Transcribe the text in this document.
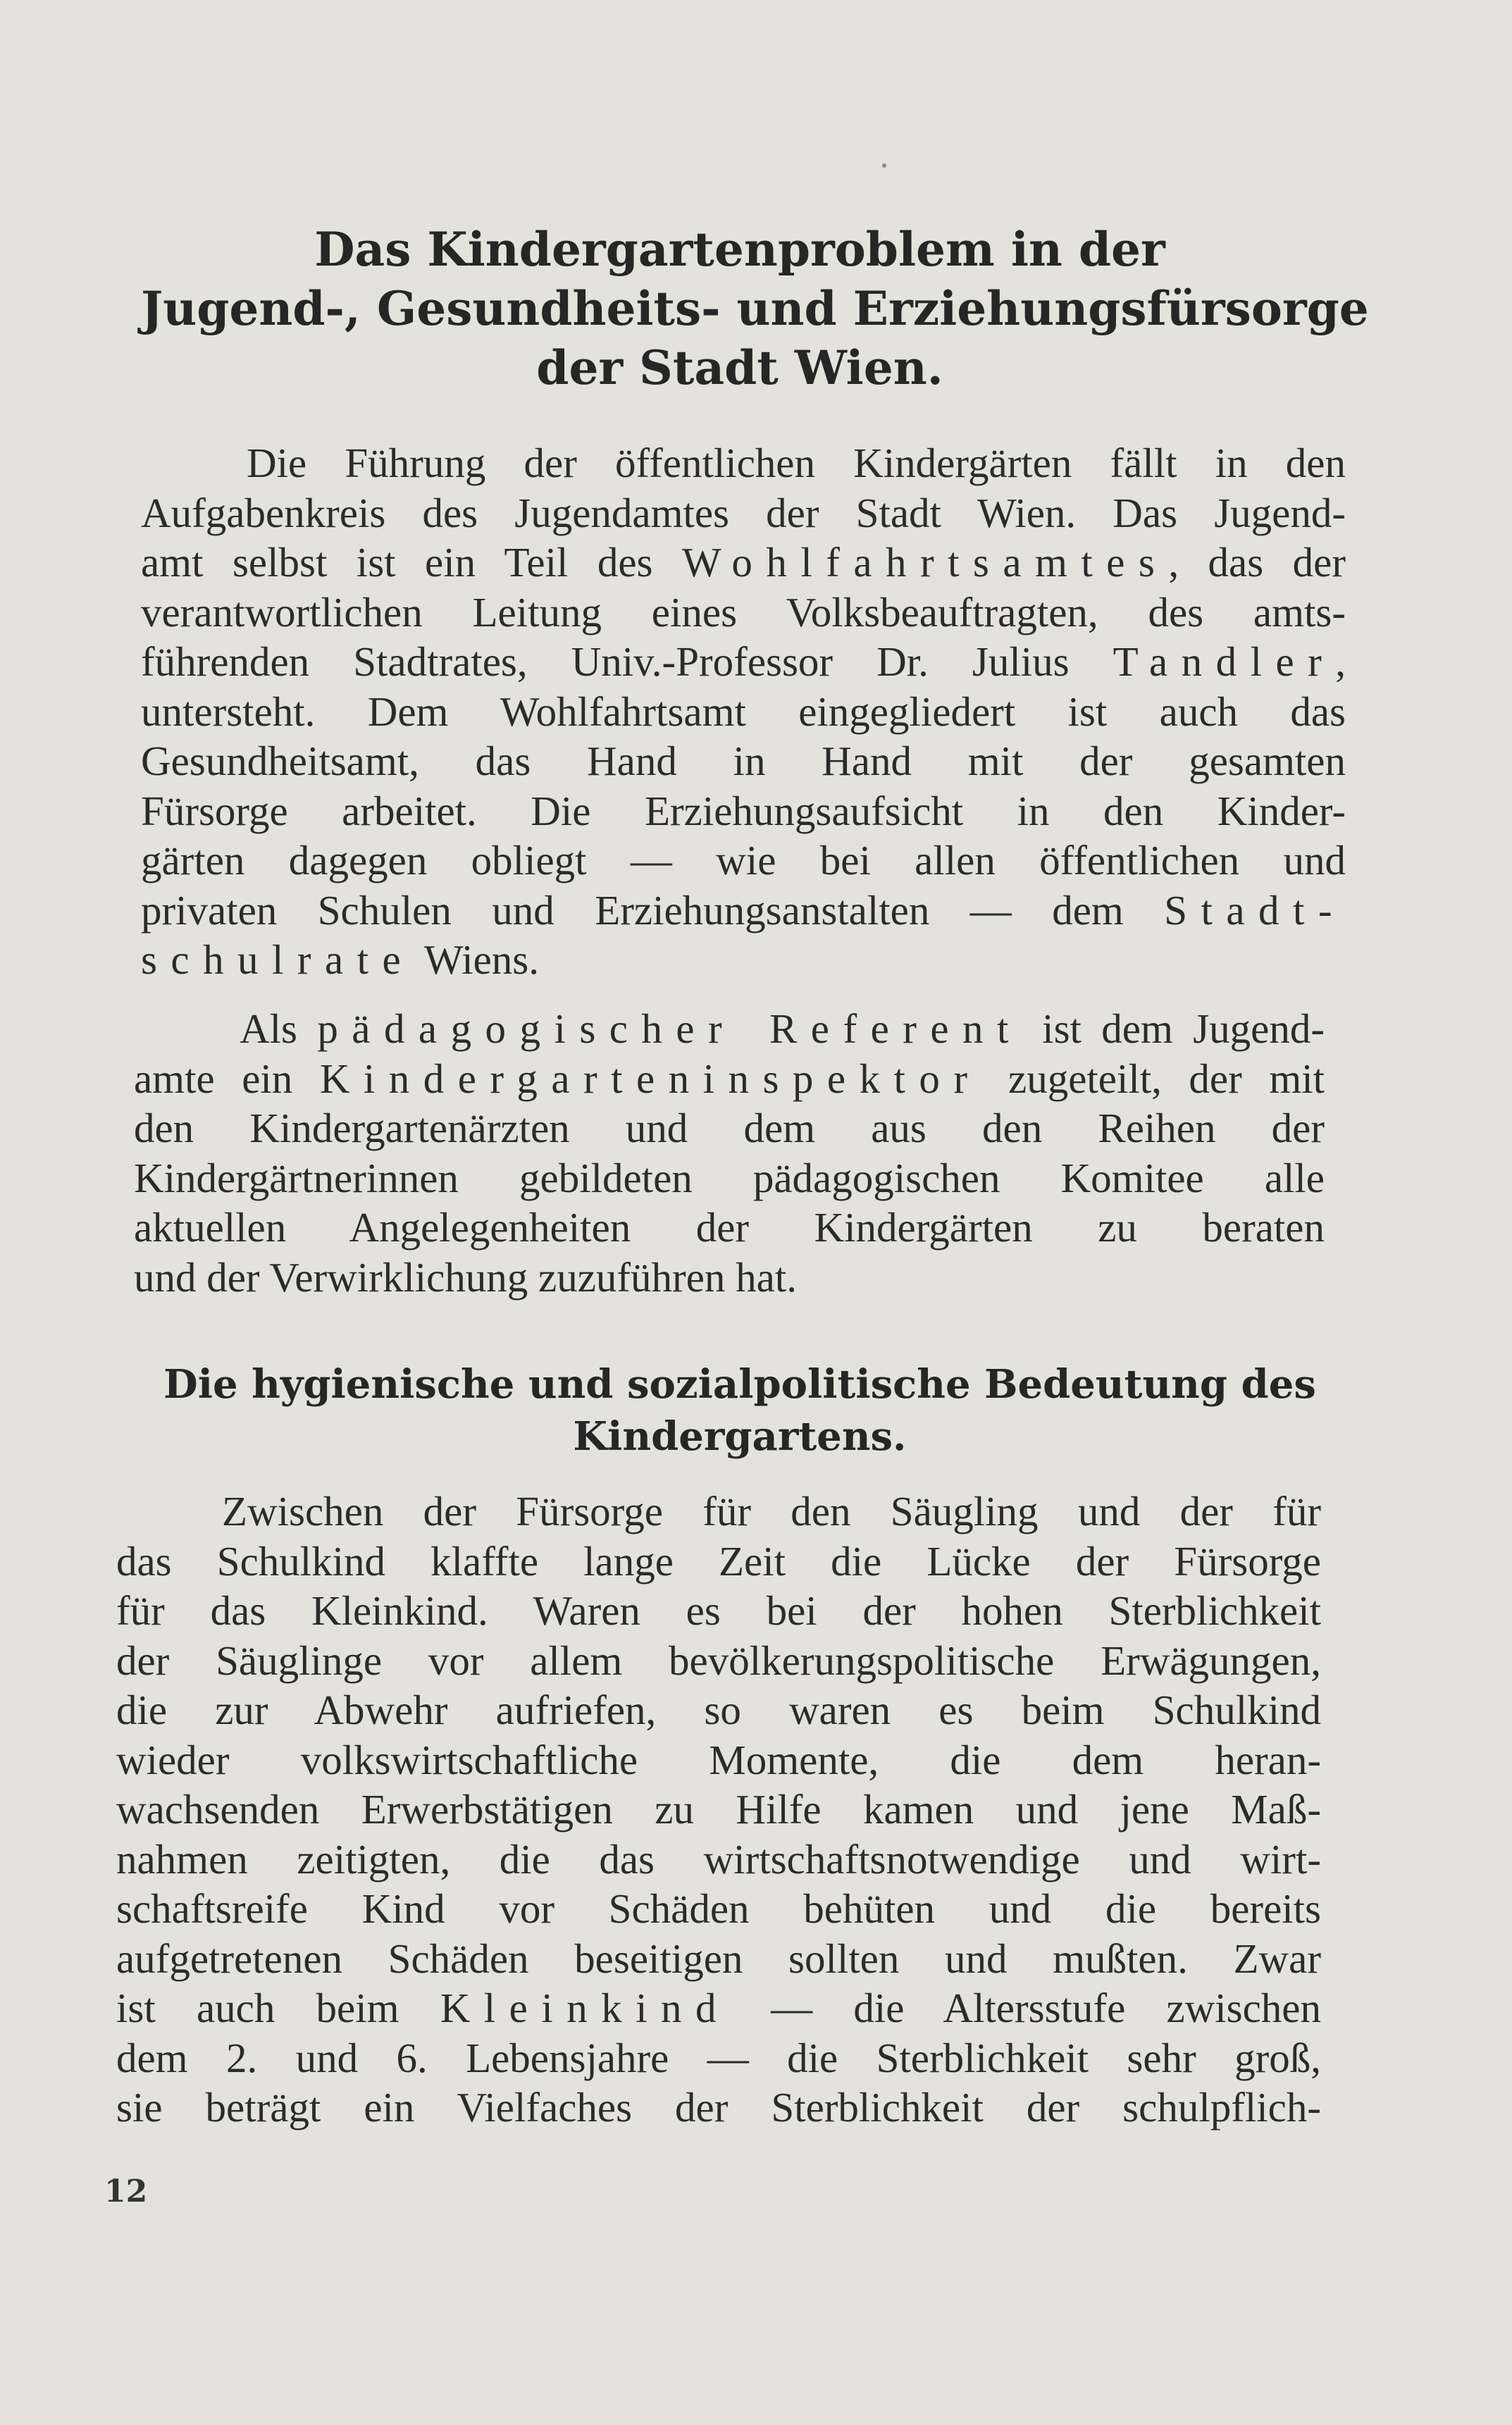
Das Kindergartenproblem in der
Jugend-, Gesundheits- und Erziehungsfürsorge
der Stadt Wien.
Die Führung der öffentlichen Kindergärten fällt in den
Aufgabenkreis des Jugendamtes der Stadt Wien. Das Jugend-
amt selbst ist ein Teil des Wohlfahrtsamtes, das der
verantwortlichen Leitung eines Volksbeauftragten, des amts-
führenden Stadtrates, Univ.-Professor Dr. Julius Tandler,
untersteht. Dem Wohlfahrtsamt eingegliedert ist auch das
Gesundheitsamt, das Hand in Hand mit der gesamten
Fürsorge arbeitet. Die Erziehungsaufsicht in den Kinder-
gärten dagegen obliegt — wie bei allen öffentlichen und
privaten Schulen und Erziehungsanstalten — dem Stadt-
schulrate Wiens.
Als pädagogischer Referent ist dem Jugend-
amte ein Kindergarteninspektor zugeteilt, der mit
den Kindergartenärzten und dem aus den Reihen der
Kindergärtnerinnen gebildeten pädagogischen Komitee alle
aktuellen Angelegenheiten der Kindergärten zu beraten
und der Verwirklichung zuzuführen hat.
Die hygienische und sozialpolitische Bedeutung des
Kindergartens.
Zwischen der Fürsorge für den Säugling und der für
das Schulkind klaffte lange Zeit die Lücke der Fürsorge
für das Kleinkind. Waren es bei der hohen Sterblichkeit
der Säuglinge vor allem bevölkerungspolitische Erwägungen,
die zur Abwehr aufriefen, so waren es beim Schulkind
wieder volkswirtschaftliche Momente, die dem heran-
wachsenden Erwerbstätigen zu Hilfe kamen und jene Maß-
nahmen zeitigten, die das wirtschaftsnotwendige und wirt-
schaftsreife Kind vor Schäden behüten und die bereits
aufgetretenen Schäden beseitigen sollten und mußten. Zwar
ist auch beim Kleinkind — die Altersstufe zwischen
dem 2. und 6. Lebensjahre — die Sterblichkeit sehr groß,
sie beträgt ein Vielfaches der Sterblichkeit der schulpflich-
12
